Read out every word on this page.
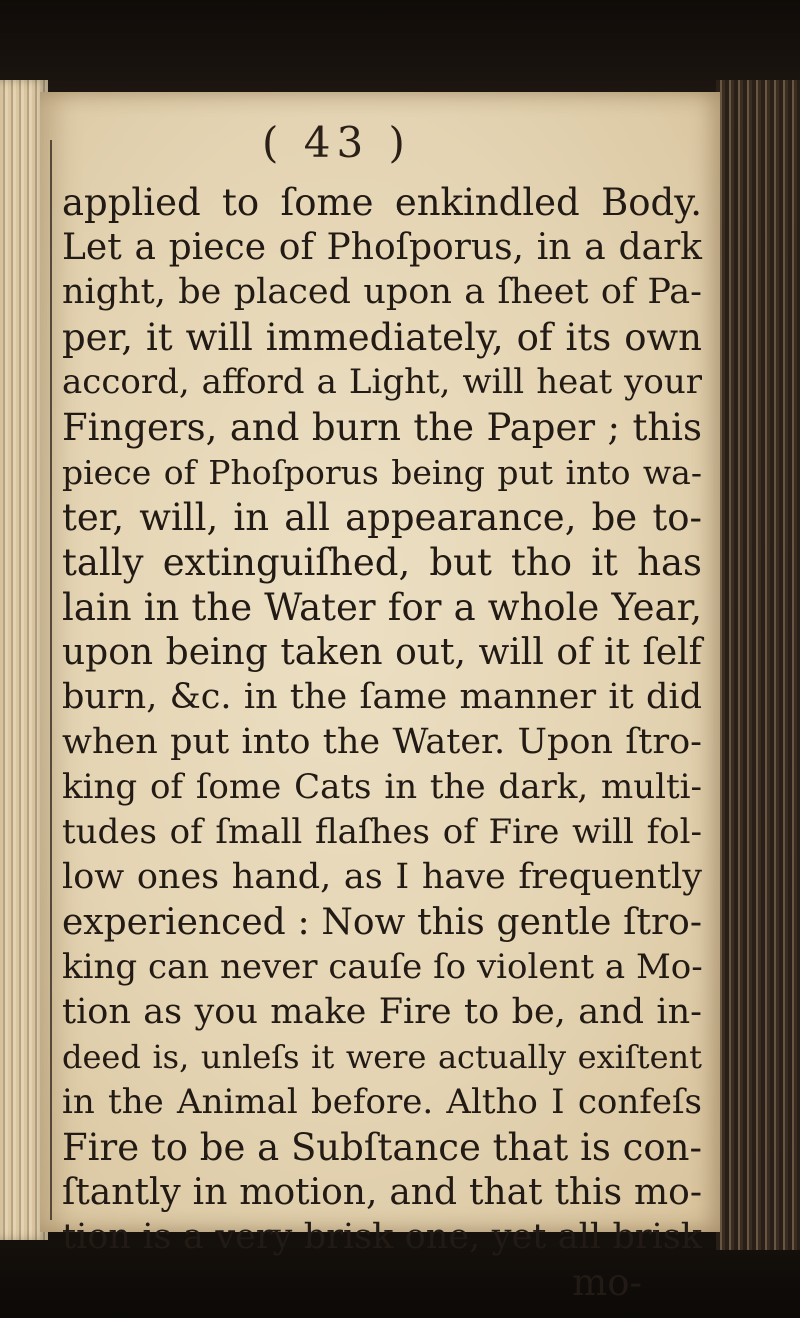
( 43 )
applied to ſome enkindled Body.
Let a piece of Phoſporus, in a dark
night, be placed upon a ſheet of Pa-
per, it will immediately, of its own
accord, afford a Light, will heat your
Fingers, and burn the Paper ; this
piece of Phoſporus being put into wa-
ter, will, in all appearance, be to-
tally extinguiſhed, but tho it has
lain in the Water for a whole Year,
upon being taken out, will of it ſelf
burn, &c. in the ſame manner it did
when put into the Water. Upon ſtro-
king of ſome Cats in the dark, multi-
tudes of ſmall flaſhes of Fire will fol-
low ones hand, as I have frequently
experienced : Now this gentle ſtro-
king can never cauſe ſo violent a Mo-
tion as you make Fire to be, and in-
deed is, unleſs it were actually exiſtent
in the Animal before. Altho I confeſs
Fire to be a Subſtance that is con-
ſtantly in motion, and that this mo-
tion is a very brisk one, yet all brisk
mo-
